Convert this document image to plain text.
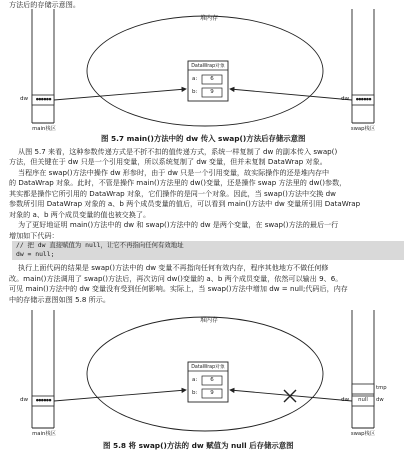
方法后的存储示意图。
堆内存
DataWrap对象
a:
b:
6
9
dw	●●●●●●
main栈区
dw	●●●●●●
swap栈区
图 5.7 main()方法中的 dw 传入 swap()方法后存储示意图
从图 5.7 来看，这种参数传递方式是不折不扣的值传递方式，系统一样复制了 dw 的副本传入 swap()
方法，但关键在于 dw 只是一个引用变量，所以系统复制了 dw 变量，但并未复制 DataWrap 对象。
当程序在 swap()方法中操作 dw 形参时，由于 dw 只是一个引用变量，故实际操作的还是堆内存中
的 DataWrap 对象。此时，不管是操作 main()方法里的 dw()变量，还是操作 swap 方法里的 dw()参数，
其实都是操作它所引用的 DataWrap 对象，它们操作的是同一个对象。因此，当 swap()方法中交换 dw
参数所引用 DataWrap 对象的 a、b 两个成员变量的值后，可以看到 main()方法中 dw 变量所引用 DataWrap
对象的 a、b 两个成员变量的值也被交换了。
为了更好地证明 main()方法中的 dw 和 swap()方法中的 dw 是两个变量，在 swap()方法的最后一行
增加如下代码：
// 把 dw 直接赋值为 null，让它不再指向任何有效地址
dw = null;
执行上面代码的结果是 swap()方法中的 dw 变量不再指向任何有效内存，程序其他地方不做任何修
改。main()方法调用了 swap()方法后，再次访问 dw()变量的 a、b 两个成员变量，依然可以输出 9、6。
可见 main()方法中的 dw 变量没有受到任何影响。实际上，当 swap()方法中增加 dw = null;代码后，内存
中的存储示意图如图 5.8 所示。
堆内存
DataWrap对象
a:
b:
6
9
dw	●●●●●●
main栈区
tmp
dw
dw	null
swap栈区
图 5.8 将 swap()方法的 dw 赋值为 null 后存储示意图
